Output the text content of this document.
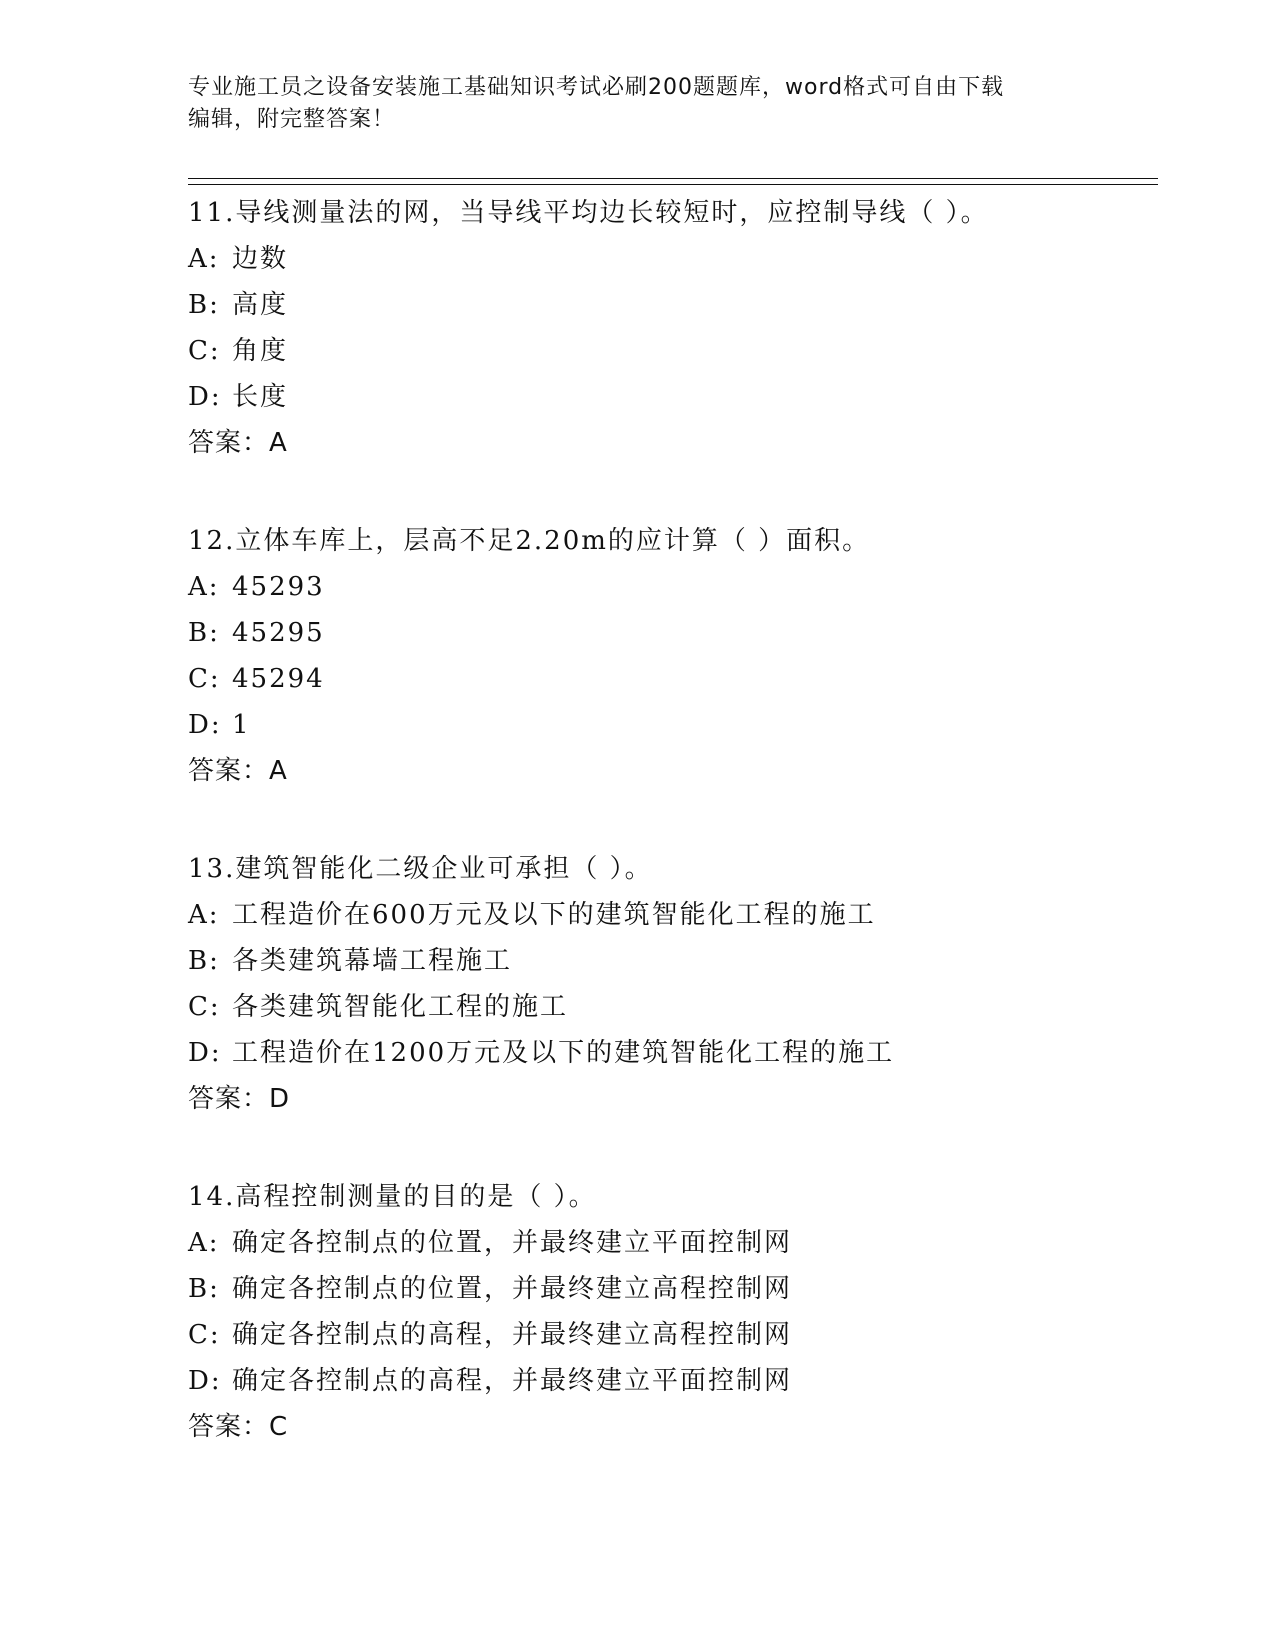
专业施工员之设备安装施工基础知识考试必刷200题题库，word格式可自由下载
编辑，附完整答案！
11.导线测量法的网，当导线平均边长较短时，应控制导线（ ）。
A: 边数
B: 高度
C: 角度
D: 长度
答案：A
12.立体车库上，层高不足2.20m的应计算（ ）面积。
A: 45293
B: 45295
C: 45294
D: 1
答案：A
13.建筑智能化二级企业可承担（ ）。
A: 工程造价在600万元及以下的建筑智能化工程的施工
B: 各类建筑幕墙工程施工
C: 各类建筑智能化工程的施工
D: 工程造价在1200万元及以下的建筑智能化工程的施工
答案：D
14.高程控制测量的目的是（ ）。
A: 确定各控制点的位置，并最终建立平面控制网
B: 确定各控制点的位置，并最终建立高程控制网
C: 确定各控制点的高程，并最终建立高程控制网
D: 确定各控制点的高程，并最终建立平面控制网
答案：C
